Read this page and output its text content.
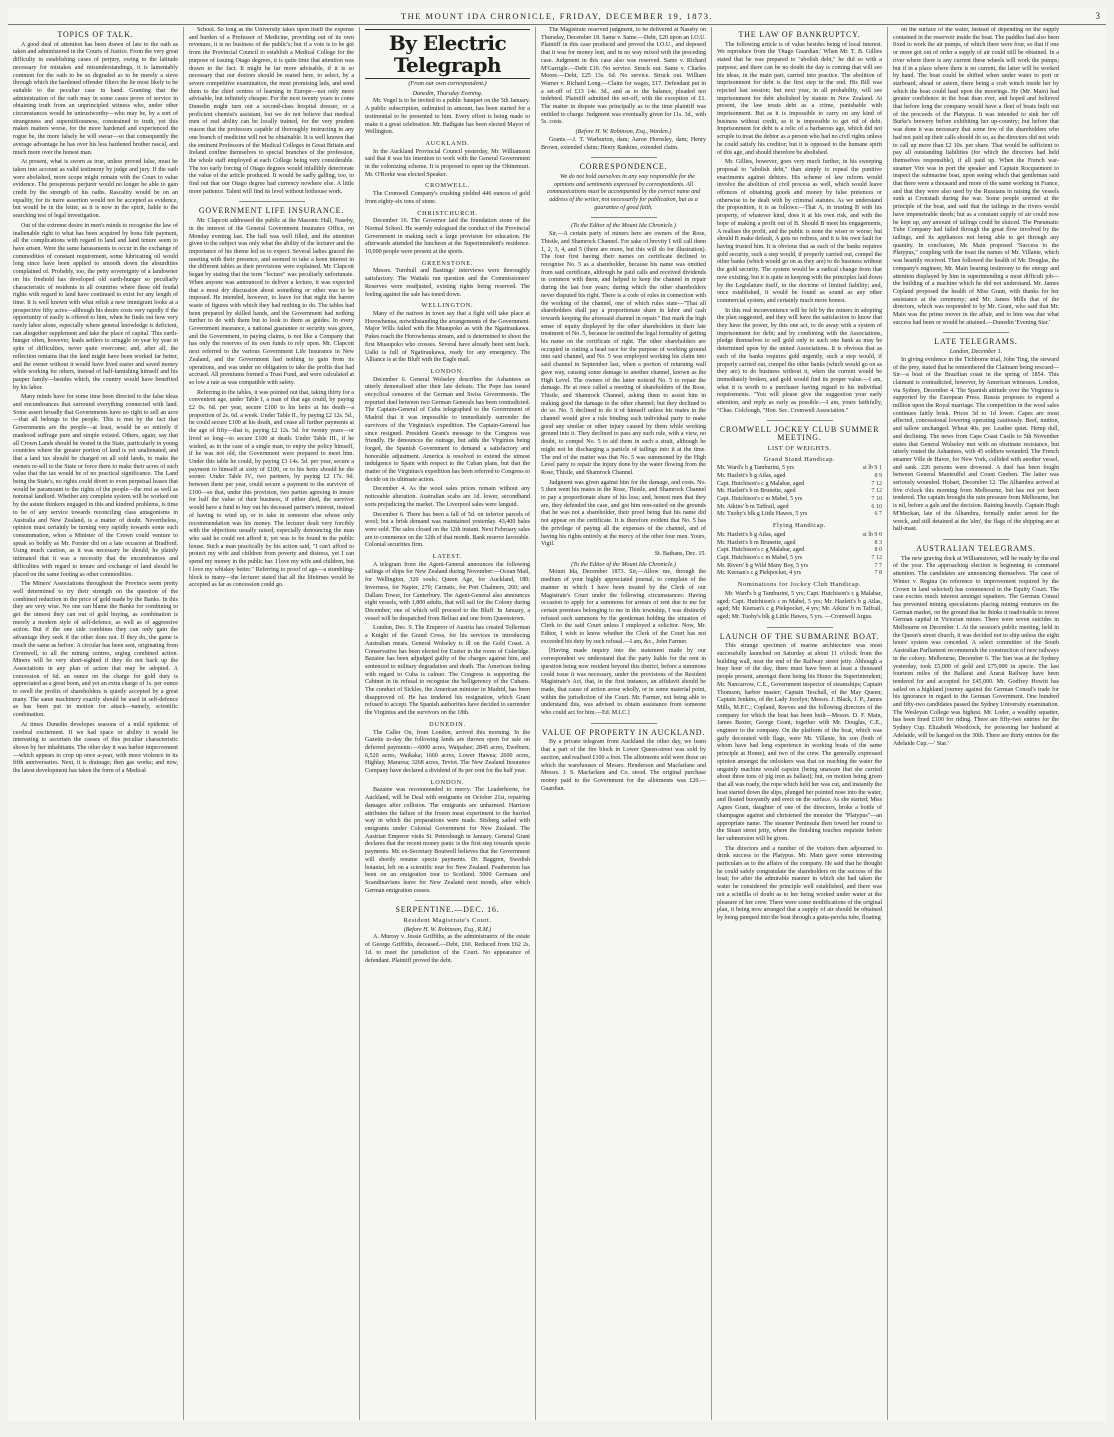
THE MOUNT IDA CHRONICLE, FRIDAY, DECEMBER 19, 1873.	3
TOPICS OF TALK.

A good deal of attention has been drawn of late to the oath as taken and administered in the Courts of Justice. From the very great difficulty in establishing cases of perjury, owing to the latitude necessary for mistakes and misunderstandings, it is lamentably common for the oath to be so degraded as to be merely a sieve through which the hardened offender filters the lie most likely to be suitable to the peculiar case in hand. Granting that the administration of the oath may in some cases prove of service in obtaining truth from an unprincipled witness who, under other circumstances would be untrustworthy—who may be, by a sort of strangeness and superstitiousness, constrained to truth, yet this makes matters worse, for the more hardened and experienced the rogue be, the more falsely he will swear—so that consequently the average advantage he has over his less hardened brother rascal, and much more over the honest man.

At present, what is sworn as true, unless proved false, must be taken into account as valid testimony by judge and jury. If the oath were abolished, more scope might remain with the Court to value evidence. The prosperous perjurer would no longer be able to gain credit by the strength of his oaths. Rascality would be on an equality, for its mere assertion would not be accepted as evidence, but would be in the letter, as it is now in the spirit, liable to the searching test of legal investigation.

Out of the extreme desire in men's minds to recognise the law of inalienable right to what has been acquired by bona fide payment, all the complications with regard to land and land tenure seem to have arisen. Were the same harassments to occur in the exchange of commodities of constant requirement, some lubricating oil would long since have been applied to smooth down the absurdities complained of. Probably, too, the petty sovereignty of a landowner on his freehold has developed old earth-hunger so peculiarly characteristic of residents in all countries where these old feudal rights with regard to land have continued to exist for any length of time. It is well known with what relish a new immigrant looks at a prospective fifty acres—although his desire costs very rapidly if the opportunity of easily is offered to him, when he finds out how very rarely labor alone, especially where general knowledge is deficient, can altogether supplement and take the place of capital. This earth-hunger often, however, leads settlers to struggle on year by year in spite of difficulties, never quite overcome; and, after all, the reflection remains that the land might have been worked far better, and the owner without it would have lived easier and saved money while working for others, instead of half-famishing himself and his pauper family—besides which, the country would have benefited by his labor.

Many minds have for some time been directed to the false ideas and encumbrances that surround everything connected with land. Some assert broadly that Governments have no right to sell an acre—that all belongs to the people. This is met by the fact that Governments are the people—at least, would be so entirely if manhood suffrage pure and simple existed. Others, again, say that all Crown Lands should be vested in the State, particularly in young countries where the greater portion of land is yet unalienated, and that a land tax should be charged on all sold lands, to make the owners re-sell to the State or force them to make their acres of such value that the tax would be of no practical significance. The Land being the State's, no rights could divert to even perpetual leases that would be paramount to the rights of the people—the rest as well as nominal landlord. Whether any complete system will be worked out by the astute thinkers engaged in this and kindred problems, is time to be of any service towards reconciling class antagonisms in Australia and New Zealand, is a matter of doubt. Nevertheless, opinion must certainly be turning very rapidly towards some such consummation, when a Minister of the Crown could venture to speak so boldly as Mr. Forster did on a late occasion at Bradford. Using much caution, as it was necessary he should, he plainly intimated that it was a necessity that the encumbrances and difficulties with regard to tenure and exchange of land should be placed on the same footing as other commodities.

The Miners' Associations throughout the Province seem pretty well determined to try their strength on the question of the combined reduction in the price of gold made by the Banks. In this they are very wise. No one can blame the Banks for combining to get the utmost they can out of gold buying, as combination is merely a modern style of self-defence, as well as of aggressive action. But if the one side combines they can only gain the advantage they seek if the other does not. If they do, the game is much the same as before. A circular has been sent, originating from Cromwell, to all the mining centres, urging combined action. Miners will be very short-sighted if they do not back up the Associations in any plan of action that may be adopted. A concession of 6d. an ounce on the charge for gold duty is appreciated as a great boon, and yet an extra charge of 1s. per ounce to swell the profits of shareholders is quietly accepted by a great many. The same machinery exactly should be used in self-defence as has been put in motion for attack—namely, scientific combination.

At times Dunedin developes seasons of a mild epidemic of cerebral excitement. If we had space or ability it would be interesting to ascertain the causes of this peculiar characteristic shown by her inhabitants. The other day it was harbor improvement—which appears to crop up once a-year, with more violence in its fifth anniversaries. Next, it is drainage; then gas works; and now, the latest development has taken the form of a Medical

School. So long as the University takes upon itself the expense and burden of a Professor of Medicine, providing out of its own revenues, it is no business of the public's; but if a vote is to be got from the Provincial Council to establish a Medical College for the purpose of issuing Otago degrees, it is quite time that attention was drawn to the fact. It might be far more advisable, if it is so necessary that our doctors should be reared here, to select, by a severe competitive examination, the most promising lads, and send them to the chief centres of learning in Europe—not only more advisable, but infinitely cheaper. For the next twenty years to come Dunedin might turn out a second-class hospital dresser, or a proficient chemist's assistant, but we do not believe that medical men of real ability can be locally trained, for the very prudent reason that the professors capable of thoroughly instructing in any one branch of medicine will not be obtainable. It is well known that the eminent Professors of the Medical Colleges in Great Britain and Ireland confine themselves to special branches of the profession, the whole staff employed at each College being very considerable. The too early forcing of Otago degrees would infallibly deteriorate the value of the article produced. It would be sadly galling, too, to find out that our Otago degree had currency nowhere else. A little more patience. Talent will find its level without hothouse work.

GOVERNMENT LIFE INSURANCE.

Mr. Clapcott addressed the public at the Masonic Hall, Naseby, in the interest of the General Government Insurance Office, on Monday evening last. The hall was well filled, and the attention given to the subject was only what the ability of the lecturer and the importance of his theme led us to expect. Several ladies graced the meeting with their presence, and seemed to take a keen interest in the different tables as their provisions were explained. Mr. Clapcott began by stating that the term "lecture" was peculiarly unfortunate. When anyone was announced to deliver a lecture, it was expected that a most dry discussion about something or other was to be imposed. He intended, however, to leave for that night the barren waste of figures with which they had nothing to do. The tables had been prepared by skilled hands, and the Government had nothing further to do with them but to look to them as guides. In every Government insurance, a national guarantee or security was given, and the Government, in paying claims, is not like a Company that has only the reserves of its own funds to rely upon. Mr. Clapcott next referred to the various Government Life Insurance in New Zealand, and the Government had nothing to gain from its operations, and was under no obligation to take the profits that had accrued. All premiums formed a Trust Fund, and were calculated at so low a rate as was compatible with safety.

Referring to the tables, it was pointed out that, taking thirty for a convenient age, under Table I, a man of that age could, by paying £2 0s. 6d. per year, secure £100 to his heirs at his death—a proportion of 2s. 6d. a week. Under Table II., by paying £2 12s. 5d., he could secure £100 at his death, and cease all further payments at the age of fifty—that is, paying £2 12s. 5d. for twenty years—or lived so long—to secure £100 at death. Under Table III., if he wished, as in the case of a single man, to enjoy the policy himself, if he was not old, the Government were prepared to meet him. Under this table he could, by paying £3 14s. 5d. per year, secure a payment to himself at sixty of £100, or to his heirs should he die sooner. Under Table IV., two partners, by paying £2 17s. 9d. between them per year, could secure a payment to the survivor of £100—so that, under this provision, two parties agreeing to insure for half the value of their business, if either died, the survivor would have a fund to buy out his deceased partner's interest, instead of having to wind up, or to take in someone else whose only recommendation was his money. The lecturer dealt very forcibly with the objections usually raised, especially denouncing the man who said he could not afford it, yet was to be found in the public house. Such a man practically by his action said, "I can't afford to protect my wife and children from poverty and distress, yet I can spend my money in the public bar. I love my wife and children, but I love my whiskey better." Referring to proof of age—a stumbling-block to many—the lecturer stated that all the lifetimes would be accepted as far as concession could go.

By Electric Telegraph
(From our own correspondent.)
Dunedin, Thursday Evening.

Mr. Vogel is to be invited to a public banquet on the 5th January. A public subscription, unlimited in amount, has been started for a testimonial to be presented to him. Every effort is being made to make it a great celebration. Mr. Bathgate has been elected Mayor of Wellington.

AUCKLAND.

In the Auckland Provincial Council yesterday, Mr. Williamson said that it was his intention to work with the General Government in the colonizing scheme. It is proposed to open up the Ohinemuri. Mr. O'Rorke was elected Speaker.

CROMWELL.

The Cromwell Company's crushing yielded 446 ounces of gold from eighty-six tons of stone.

CHRISTCHURCH.

December 16. The Governor laid the foundation stone of the Normal School. He warmly eulogised the conduct of the Provincial Government in making such a large provision for education. He afterwards attended the luncheon at the Superintendent's residence. 10,000 people were present at the sports.

GREENSTONE.

Messrs. Turnbull and Bastings' interviews were thoroughly satisfactory. The Waitaki run question and the Commissioners' Reserves were readjusted, existing rights being reserved. The feeling against the sale has toned down.

WELLINGTON.

Many of the natives in town say that a fight will take place at Horowhenua, notwithstanding the arrangements of the Government. Major Wills failed with the Muaupoko as with the Ngatiraukawa. Pukes reach the Horowhenua stream, and is determined to shoot the first Muaupoko who crosses. Several have already been sent back. Ualki is full of Ngatiraukawa, ready for any emergency. The Alliance is at the Bluff with the Eagle mail.

LONDON.

December 6. General Wolseley describes the Ashantees as utterly demoralised after their late defeats. The Pope has issued encyclical censures of the German and Swiss Governments. The reported duel between two German Generals has been contradicted. The Captain-General of Cuba telegraphed to the Government of Madrid that it was impossible to immediately surrender the survivors of the Virginius's expedition. The Captain-General has since resigned. President Grant's message to the Congress was friendly. He denounces the outrage, but adds the Virginius being forged, the Spanish Government to demand a satisfactory and honorable adjustment. America is resolved to extend the utmost indulgence to Spain with respect to the Cuban plans, but that the matter of the Virginius's expedition has been referred to Congress to decide on its ultimate action.

December 4. As the wool sales prices remain without any noticeable alteration. Australian scabs are 1d. lower, secondhand sorts prejudicing the market. The Liverpool sales were languid.

December 6. There has been a fall of 5d. on inferior parcels of wool; but a brisk demand was maintained yesterday. 43,400 bales were sold. The sales closed on the 12th instant. Next February sales are to commence on the 12th of that month. Bank reserve favorable. Colonial securities firm.

LATEST.

A telegram from the Agent-General announces the following sailings of ships for New Zealand during November:—Ocean Mail, for Wellington, 320 souls; Queen Age, for Auckland, 180; Inverness, for Napier, 270; Carnatic, for Port Chalmers, 260; and Dallam Tower, for Canterbury. The Agent-General also announces eight vessels, with 1,800 adults, that will sail for the Colony during December, one of which will proceed to the Bluff. In January, a vessel will be despatched from Belfast and one from Queenstown.

London, Dec. 9. The Emperor of Austria has created Tollerman a Knight of the Grand Cross, for his services in introducing Australian meats. General Wolseley is ill on the Gold Coast. A Conservative has been elected for Exeter in the room of Coleridge. Bazaine has been adjudged guilty of the charges against him, and sentenced to military degradation and death. The American feeling with regard to Cuba is calmer. The Congress is supporting the Cabinet in its refusal to recognise the belligerency of the Cubans. The conduct of Sickles, the American minister in Madrid, has been disapproved of. He has tendered his resignation, which Grant refused to accept. The Spanish authorities have decided to surrender the Virginius and the survivors on the 18th.

DUNEDIN.

The Caller Ou, from London, arrived this morning. In the Gazette to-day the following lands are thrown open for sale on deferred payments:—6000 acres, Waipahee; 2845 acres, Eweburn; 6,520 acres, Waikaka; 1660 acres, Lower Hawea; 2600 acres, Highlay, Mararoa; 3268 acres, Teviot. The New Zealand Insurance Company have declared a dividend of 8s per cent for the half year.

LONDON.

Bazaine was recommended to mercy. The Leaderhorne, for Auckland, will be Deal with emigrants on October 21st, repairing damages after collision. The emigrants are unharmed. Harrison attributes the failure of the frozen meat experiment to the hurried way in which the preparations were made. Sitsberg sailed with emigrants under Colonial Government for New Zealand. The Austrian Emperor visits St. Petersburgh in January. General Grant declares that the recent money panic is the first step towards specie payments. Mr. ex-Secretary Boutwell believes that the Government will shortly resume specie payments. Dr. Baggren, Swedish botanist, left on a scientific tour for New Zealand. Featherston has been on an emigration tour to Scotland. 5000 Germans and Scandinavians leave for New Zealand next month, after which German emigration ceases.

SERPENTINE.—DEC. 16.
Resident Magistrate's Court.
(Before H. W. Robinson, Esq., R.M.)

A. Murray v. Jessie Griffiths, as the administratrix of the estate of George Griffiths, deceased.—Debt, £60. Reduced from £62 2s. 1d. to meet the jurisdiction of the Court. No appearance of defendant. Plaintiff proved the debt.

The Magistrate reserved judgment, to be delivered at Naseby on Thursday, December 18. Same v. Same.—Debt, £20 upon an I.O.U. Plaintiff in this case produced and proved the I.O.U., and deposed that it was for money lent, and in no way mixed with the preceding case. Judgment in this case also was reserved. Same v. Richard M'Garrigle.—Debt £10. No service. Struck out. Same v. Charles Moore.—Debt, £25 13s. 6d. No service. Struck out. William Warner v. Richard Long.—Claim for wages, £17. Defendant put in a set-off of £13 14s. 3d., and as to the balance, pleaded not indebted. Plaintiff admitted the set-off, with the exception of £1. The matter in dispute was principally as to the time plaintiff was entitled to charge. Judgment was eventually given for 11s. 3d., with 5s. costs.

(Before H. W. Robinson, Esq., Warden.)

Grants.—J. T. Warburton, dam; Aaron Hornsley, dam; Henry Brown, extended claim; Henry Rankine, extended claim.

CORRESPONDENCE.

We do not hold ourselves in any way responsible for the opinions and sentiments expressed by correspondents. All communications must be accompanied by the correct name and address of the writer, not necessarily for publication, but as a guarantee of good faith.

(To the Editor of the Mount Ida Chronicle.)

Sir,—A certain party of miners here are owners of the Rose, Thistle, and Shamrock Channel. For sake of brevity I will call them 1, 2, 3, 4, and 5 (there are more, but this will do for illustration). The four first having their names on certificate declined to recognise No. 5 as a shareholder, because his name was omitted from said certificate, although he paid calls and received dividends in common with them, and helped to keep the channel in repair during the last four years; during which the other shareholders never disputed his right. There is a code of rules in connection with the working of the channel, one of which rules state—"That all shareholders shall pay a proportionate share in labor and cash towards keeping the aforesaid channel in repair." But mark the high sense of equity displayed by the other shareholders in their late treatment of No. 5, because he omitted the legal formality of getting his name on the certificate of right. The other shareholders are occupied in cutting a head race for the purpose of working ground into said channel, and No. 5 was employed working his claim into said channel in September last, when a portion of returning wall gave way, causing some damage to another channel, known as the High Level. The owners of the latter noticed No. 5 to repair the damage. He at once called a meeting of shareholders of the Rose, Thistle, and Shamrock Channel, asking them to assist him in making good the damage to the other channel; but they declined to do so. No. 5 declined to do it of himself unless his mates in the channel would give a rule binding each individual party to make good any similar or other injury caused by them while working ground into it. They declined to pass any such rule, with a view, no doubt, to compel No. 5 to aid them in such a strait, although he might not be discharging a particle of tailings into it at the time. The end of the matter was that No. 5 was summoned by the High Level party to repair the injury done by the water flowing from the Rose, Thistle, and Shamrock Channel.

Judgment was given against him for the damage, and costs. No. 5 then went his mates in the Rose, Thistle, and Shamrock Channel to pay a proportionate share of his loss; and, honest men that they are, they defended the case, and got him non-suited on the grounds that he was not a shareholder, their proof being that his name did not appear on the certificate. It is therefore evident that No. 5 has the privilege of paying all the expenses of the channel, and of having his rights entirely at the mercy of the other four men. Yours, Vigil.

St. Bathans, Dec. 15.
(To the Editor of the Mount Ida Chronicle.)

Mount Ida, December 1873. Sir,—Allow me, through the medium of your highly appreciated journal, to complain of the manner in which I have been treated by the Clerk of our Magistrate's Court under the following circumstances: Having occasion to apply for a summons for arrears of rent due to me for certain premises belonging to me in this township, I was distinctly refused such summons by the gentleman holding the situation of Clerk to the said Court unless I employed a solicitor. Now, Mr. Editor, I wish to know whether the Clerk of the Court has not exceeded his duty by such refusal.—I am, &c., John Farmer.

[Having made inquiry into the statement made by our correspondent we understand that the party liable for the rent in question being now resident beyond this district, before a summons could issue it was necessary, under the provisions of the Resident Magistrate's Act, that, in the first instance, an affidavit should be made, that cause of action arose wholly, or in some material point, within the jurisdiction of the Court. Mr. Farmer, not being able to understand this, was advised to obtain assistance from someone who could act for him.—Ed. M.I.C.]

VALUE OF PROPERTY IN AUCKLAND.

By a private telegram from Auckland the other day, we learn that a part of the fire block in Lower Queen-street was sold by auction, and realised £100 a foot. The allotments sold were those on which the warehouses of Messrs. Henderson and Macfarlane and Messrs. J. S. Macfarlane and Co. stood. The original purchase money paid to the Government for the allotments was £20.—Guardian.

THE LAW OF BANKRUPTCY.

The following article is of value besides being of local interest. We reproduce from the 'Otago Guardian.' When Mr. T. B. Gillies stated that he was prepared to "abolish debt," he did so with a purpose; and there can be no doubt the day is coming that will see his ideas, in the main part, carried into practice. The abolition of imprisonment for debt is the first step in the end. His Bill was rejected last session; but next year, in all probability, will see imprisonment for debt abolished by statute in New Zealand. At present, the law treats debt as a crime, punishable with imprisonment. But as it is impossible to carry on any kind of business without credit, so it is impossible to get rid of debt. Imprisonment for debt is a relic of a barbarous age, which did not scruple to treat the debtor as a person who had no civil rights unless he could satisfy his creditor; but it is opposed to the humane spirit of this age, and should therefore be abolished.

Mr. Gillies, however, goes very much further, in his sweeping proposal to "abolish debt," than simply to repeal the punitive enactments against debtors. His scheme of law reform would involve the abolition of civil process as well, which would leave offences of obtaining goods and money by false pretences or otherwise to be dealt with by criminal statutes. As we understand the proposition, it is as follows:—That A, in trusting B with his property, of whatever kind, does it at his own risk, and with the hope of making a profit out of B. Should B meet his engagements, A realises the profit, and the public is none the wiser or worse; but should B make default, A gets no redress, and it is his own fault for having trusted him. It is obvious that as each of the banks requires gold security, such a step would, if properly carried out, compel the other banks (which would go on as they are) to do business without the gold security. The system would be a radical change from that now existing; but it is quite in keeping with the principles laid down by the Legislature itself, in the doctrine of limited liability; and, once established, it would be found as sound as any other commercial system, and certainly much more honest.

In this real inconvenience will be felt by the miners in adopting the plan suggested, and they will have the satisfaction to know that they have the power, by this one act, to do away with a system of imprisonment for debt; and by combining with the Associations, pledge themselves to sell gold only to such one bank as may be determined upon by the united Associations. It is obvious that as each of the banks requires gold urgently, such a step would, if properly carried out, compel the other banks (which would go on as they are) to do business without it, when the current would be immediately broken, and gold would find its proper value.—I am, what it is worth to a purchaser having regard to his individual requirements. "You will please give the suggestion your early attention, and reply as early as possible.—I am, yours faithfully, "Chas. Colclough, "Hon. Sec. Cromwell Association."

CROMWELL JOCKEY CLUB SUMMER MEETING.
LIST OF WEIGHTS.
Grand Stand Handicap.
Mr. Ward's b g Tamburini, 5 yrs	st lb 9 1
Mr. Hazlett's b g Atlas, aged	8 9
Capt. Hutchison's c g Malabar, aged	7 12
Mr. Hazlett's b m Brunette, aged	7 12
Capt. Hutchison's c m Mabel, 5 yrs	7 10
Mr. Atkins' b m Taffrail, aged	6 10
Mr. Tuohy's blk g Little Hawes, 5 yrs	6 7
Flying Handicap.
Mr. Hazlett's b g Atlas, aged	st lb 9 0
Mr. Hazlett's b m Brunette, aged	8 3
Capt. Hutchison's c g Malabar, aged	8 0
Capt. Hutchison's c m Mabel, 5 yrs	7 12
Mr. Rivers' b g Wild Many Boy, 5 yrs	7 7
Mr. Keenan's c g Piekpocket, 4 yrs	7 8
Nominations for Jockey Club Handicap.

Mr. Ward's b g Tamburini, 5 yrs; Capt. Hutchison's c g Malabar, aged; Capt. Hutchison's c m Mabel, 5 yrs; Mr. Hazlett's b g Atlas, aged; Mr. Keenan's c g Piekpocket, 4 yrs; Mr. Atkins' b m Taffrail, aged; Mr. Tuohy's blk g Little Hawes, 5 yrs. —Cromwell Argus.

LAUNCH OF THE SUBMARINE BOAT.

This strange specimen of marine architecture was most successfully launched on Saturday at about 11 o'clock from the building wall, near the end of the Railway street jetty. Although a busy hour of the day, there must have been at least a thousand people present, amongst them being his Honor the Superintendent; Mr. Nancarrow, C.E., Government inspector of steamships; Captain Thomson, harbor master; Captain Teschall, of the May Queen; Captain Jenkins, of the Lady Jocelyn; Messrs. J. Black, J. P., James Mills, M.P.C.; Copland, Reeves and the following directors of the company for which the boat has been built—Messrs. D. F. Main, James Baxter, George Grant, together with Mr. Douglas, C.E., engineer to the company. On the platform of the boat, which was gaily decorated with flags, were Mr. Villanie, his son (both of whom have had long experience in working boats of the same principle at Home), and two of the crew. The generally expressed opinion amongst the onlookers was that on reaching the water the ungainly machine would capsize (being unaware that she carried about three tons of pig iron as ballast); but, on motion being given that all was ready, the rope which held her was cut, and instantly the boat started down the slips, plunged her pointed nose into the water, and floated buoyantly and erect on the surface. As she started, Miss Agnes Grant, daughter of one of the directors, broke a bottle of champagne against and christened the monster the "Platypus"—an appropriate name. The steamer Peninsula then towed her round to the Stuart street jetty, where the finishing touches requisite before her submersion will be given.

The directors and a number of the visitors then adjourned to drink success to the Platypus. Mr. Main gave some interesting particulars as to the affairs of the company. He said that he thought he could safely congratulate the shareholders on the success of the boat; for after the admirable manner in which she had taken the water he considered the principle well established, and there was not a scintilla of doubt as to her being worked under water at the pleasure of her crew. There were some modifications of the original plan, it being now arranged that a supply of air should be obtained by being pumped into the boat through a gutta-percha tube, floating

on the surface of the water, instead of depending on the supply contained in the reservoir inside the boat. The paddles had also been fixed to work the air pumps, of which there were four, so that if one or more got out of order a supply of air could still be obtained. In a river where there is any current these wheels will work the pumps; but if in a place where there is no current, the latter will be worked by hand. The boat could be shifted when under water to port or starboard, ahead or astern, there being a crab winch inside her by which the boat could haul upon the moorings. He (Mr. Main) had greater confidence in the boat than ever, and hoped and believed that before long the company would have a fleet of boats built out of the proceeds of the Platypus. It was intended to sink her off Burke's brewery before exhibiting her up-country; but before that was done it was necessary that some few of the shareholders who had not paid up their calls should do so, as the directors did not wish to call up more than £2 10s. per share. That would be sufficient to pay all outstanding liabilities (for which the directors had held themselves responsible), if all paid up. When the French war-steamer Vire was in port the speaker and Captain Rocquemont to inspect the submarine boat, upon seeing which that gentleman said that there were a thousand and more of the same working in France, and that they were also used by the Russians in raising the vessels sunk at Cronstadt during the war. Some people seemed at the principle of the boat, and said that the tailings in the rivers would have impenetrable deeds; but as a constant supply of air could now be kept up, any amount of tailings could be sluiced. The Pneumatic Tube Company had failed through the great flow involved by the tailings, and its appliances not being able to get through any quantity. In conclusion, Mr. Main proposed "Success to the Platypus," coupling with the toast the names of Mr. Villanie, which was heartily received. Then followed the health of Mr. Douglas, the company's engineer, Mr. Main bearing testimony to the energy and attention displayed by him in superintending a most difficult job—the building of a machine which he did not understand. Mr. James Copland proposed the health of Miss Grant, with thanks for her assistance at the ceremony; and Mr. James Mills that of the directors, which was responded to by Mr. Grant, who said that Mr. Main was the prime mover in the affair, and to him was due what success had been or would be attained.—Dunedin 'Evening Star.'

LATE TELEGRAMS.
London, December 1.

In giving evidence in the Tichborne trial, John Ting, the steward of the prey, stated that he remembered the Claimant being rescued—Sir—a boat of the Brazilian coast in the spring of 1854. This claimant is contradicted, however, by American witnesses. London, via Sydney, December 4. The Spanish attitude over the Virginius is supported by the European Press. Russia proposes to expend a million upon the Royal marriage. The competition in the wool sales continues fairly brisk. Prices 3d to 1d lower. Capes are most affected, concessional lowering operating cautiously. Beef, mutton, and tallow unchanged. Wheat 40s. per. Leather quiet. Hemp dull, and declining. The news from Cape Coast Castle to 5th November states that General Wolseley met with an obstinate resistance, but utterly routed the Ashantees, with 45 soldiers wounded. The French steamer Ville de Havre, for New York, collided with another vessel, and sank. 226 persons were drowned. A duel has been fought between General Manteuffel and Count Gneben. The latter was seriously wounded. Hobart, December 12. The Alhambra arrived at five o'clock this morning from Melbourne, but has not yet been tendered. The captain brought the rain pressure from Melbourne, but is nil, before a gale and the decision. Raining heavily. Captain Hugh M'Meckan, late of the Alhambra, formally under arrest for the wreck, and still detained at the 'alm', the flags of the shipping are at half-mast.

AUSTRALIAN TELEGRAMS.

The new graving dock at Williamstown, will be ready by the end of the year. The approaching election is beginning to command attention. The candidates are announcing themselves. The case of Winter v. Regina (in reference to improvement required by the Crown in land selected) has commenced in the Equity Court. The case excites much interest amongst squatters. The German Consul has prevented mining speculations placing mining ventures on the German market, on the ground that he thinks it inadvisable to invest German capital in Victorian mines. There were seven suicides in Melbourne on December 1. At the session's public meeting, held in the Queen's street church, it was decided not to ship unless the eight hours' system was conceded. A select committee of the South Australian Parliament recommends the construction of new railways in the colony. Melbourne, December 6. The Sun was at the Sydney yesterday, took £5,000 of gold and £75,000 in specie. The last fourteen miles of the Ballarat and Ararat Railway have been tendered for and accepted for £45,000. Mr. Godfrey Howitt has sailed on a highland journey against the German Consul's trade for his ignorance in regard to the German Government. One hundred and fifty-two candidates passed the Sydney University examination. The Wesleyan College was highest. Mr. Loder, a wealthy squatter, has been fined £100 for riding. There are fifty-two entries for the Sydney Cup. Elizabeth Woodcock, for poisoning her husband at Adelaide, will be hanged on the 30th. There are thirty entries for the Adelaide Cup.—' Star.'
